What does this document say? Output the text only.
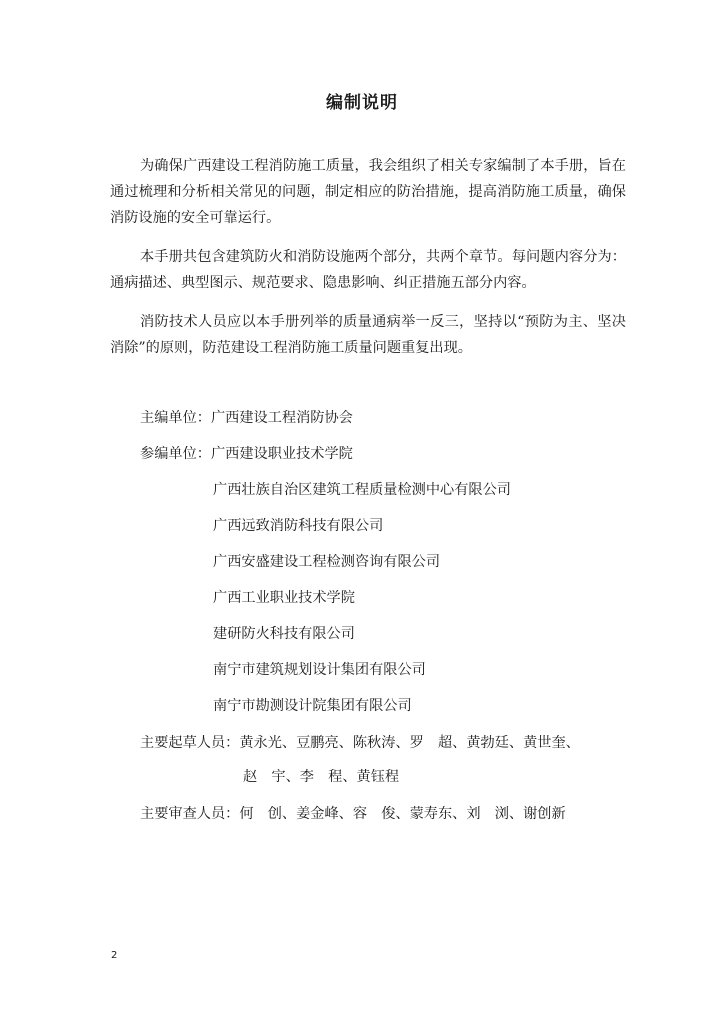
编制说明

为确保广西建设工程消防施工质量，我会组织了相关专家编制了本手册，旨在通过梳理和分析相关常见的问题，制定相应的防治措施，提高消防施工质量，确保消防设施的安全可靠运行。

本手册共包含建筑防火和消防设施两个部分，共两个章节。每问题内容分为：通病描述、典型图示、规范要求、隐患影响、纠正措施五部分内容。

消防技术人员应以本手册列举的质量通病举一反三，坚持以“预防为主、坚决消除”的原则，防范建设工程消防施工质量问题重复出现。

主编单位：广西建设工程消防协会
参编单位：广西建设职业技术学院
广西壮族自治区建筑工程质量检测中心有限公司
广西远致消防科技有限公司
广西安盛建设工程检测咨询有限公司
广西工业职业技术学院
建研防火科技有限公司
南宁市建筑规划设计集团有限公司
南宁市勘测设计院集团有限公司
主要起草人员：黄永光、豆鹏亮、陈秋涛、罗　超、黄勃廷、黄世奎、
赵　宇、李　程、黄钰程
主要审查人员：何　创、姜金峰、容　俊、蒙寿东、刘　浏、谢创新
2
